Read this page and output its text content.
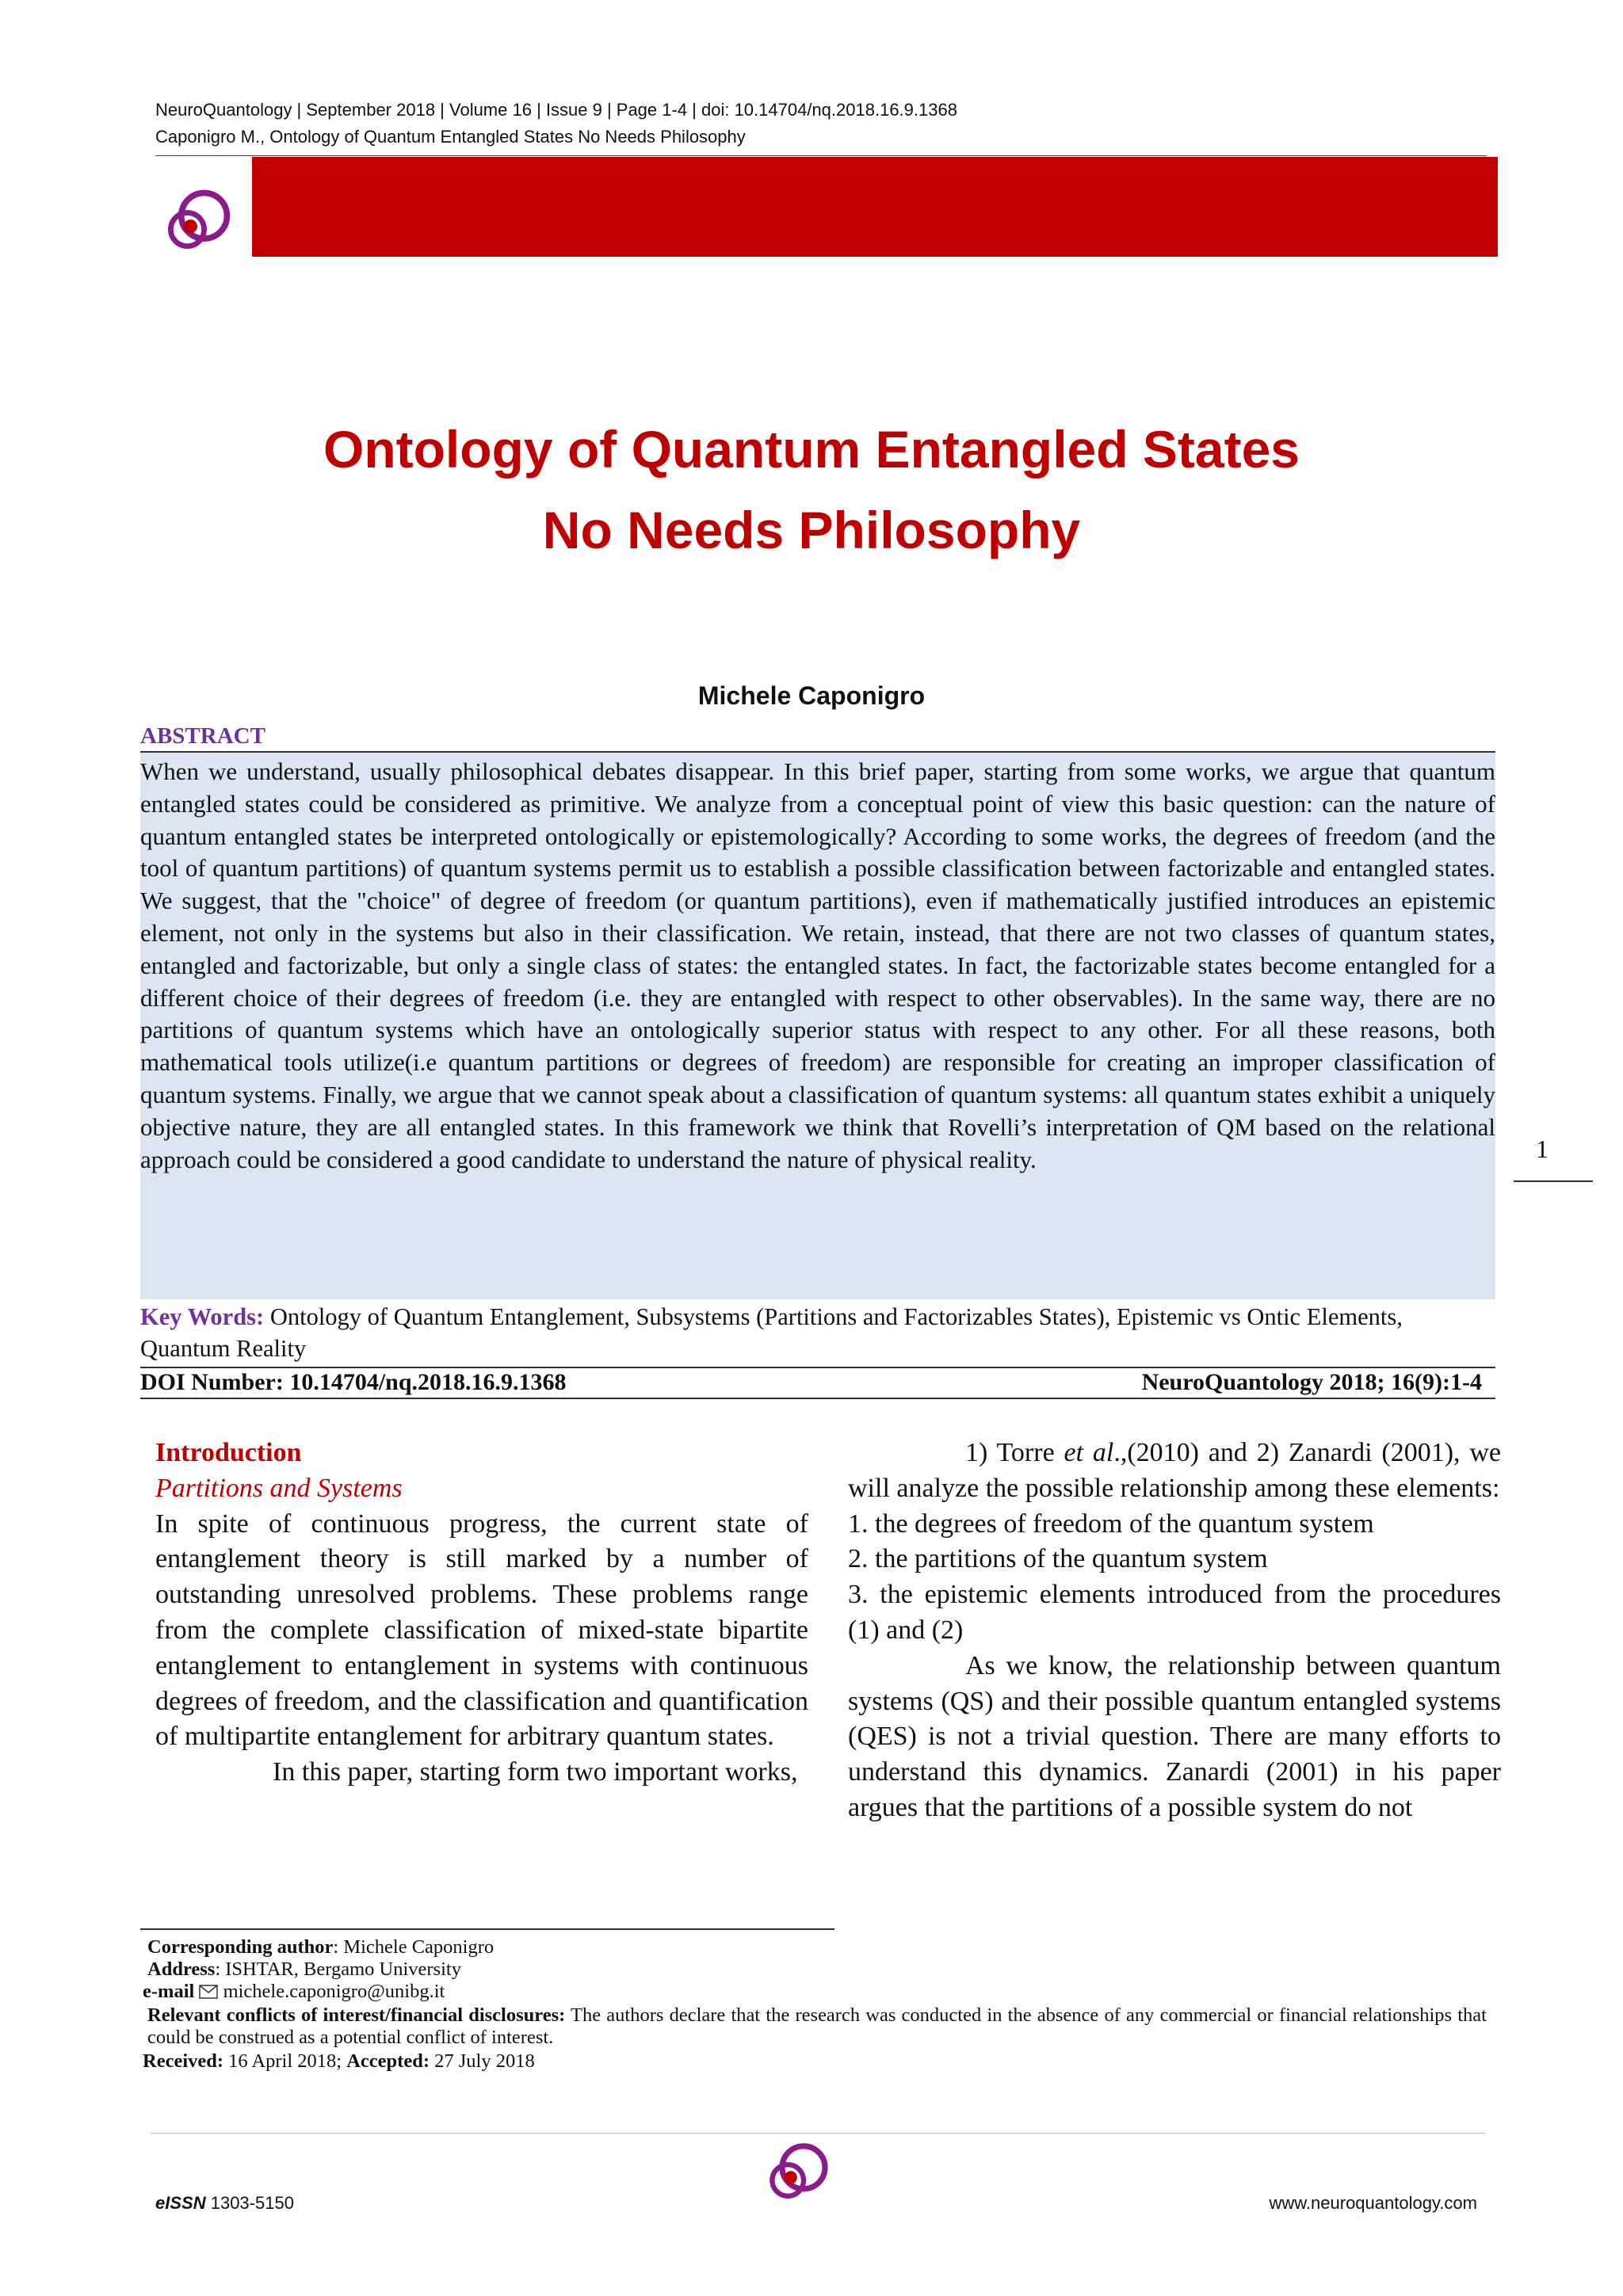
NeuroQuantology | September 2018 | Volume 16 | Issue 9 | Page 1-4 | doi: 10.14704/nq.2018.16.9.1368
Caponigro M., Ontology of Quantum Entangled States No Needs Philosophy
Ontology of Quantum Entangled States
No Needs Philosophy
Michele Caponigro
ABSTRACT

When we understand, usually philosophical debates disappear. In this brief paper, starting from some works, we argue that quantum entangled states could be considered as primitive. We analyze from a conceptual point of view this basic question: can the nature of quantum entangled states be interpreted ontologically or epistemologically? According to some works, the degrees of freedom (and the tool of quantum partitions) of quantum systems permit us to establish a possible classification between factorizable and entangled states. We suggest, that the "choice" of degree of freedom (or quantum partitions), even if mathematically justified introduces an epistemic element, not only in the systems but also in their classification. We retain, instead, that there are not two classes of quantum states, entangled and factorizable, but only a single class of states: the entangled states. In fact, the factorizable states become entangled for a different choice of their degrees of freedom (i.e. they are entangled with respect to other observables). In the same way, there are no partitions of quantum systems which have an ontologically superior status with respect to any other. For all these reasons, both mathematical tools utilize(i.e quantum partitions or degrees of freedom) are responsible for creating an improper classification of quantum systems. Finally, we argue that we cannot speak about a classification of quantum systems: all quantum states exhibit a uniquely objective nature, they are all entangled states. In this framework we think that Rovelli’s interpretation of QM based on the relational approach could be considered a good candidate to understand the nature of physical reality.

Key Words: Ontology of Quantum Entanglement, Subsystems (Partitions and Factorizables States), Epistemic vs Ontic Elements, Quantum Reality

DOI Number: 10.14704/nq.2018.16.9.1368	NeuroQuantology 2018; 16(9):1-4
1
Introduction
Partitions and Systems

In spite of continuous progress, the current state of entanglement theory is still marked by a number of outstanding unresolved problems. These problems range from the complete classification of mixed-state bipartite entanglement to entanglement in systems with continuous degrees of freedom, and the classification and quantification of multipartite entanglement for arbitrary quantum states.

In this paper, starting form two important works,

1) Torre et al.,(2010) and 2) Zanardi (2001), we will analyze the possible relationship among these elements:

1. the degrees of freedom of the quantum system
2. the partitions of the quantum system

3. the epistemic elements introduced from the procedures (1) and (2)

As we know, the relationship between quantum systems (QS) and their possible quantum entangled systems (QES) is not a trivial question. There are many efforts to understand this dynamics. Zanardi (2001) in his paper argues that the partitions of a possible system do not

Corresponding author: Michele Caponigro

Address: ISHTAR, Bergamo University

e-mail michele.caponigro@unibg.it

Relevant conflicts of interest/financial disclosures: The authors declare that the research was conducted in the absence of any commercial or financial relationships that could be construed as a potential conflict of interest.

Received: 16 April 2018; Accepted: 27 July 2018

eISSN 1303-5150	www.neuroquantology.com
